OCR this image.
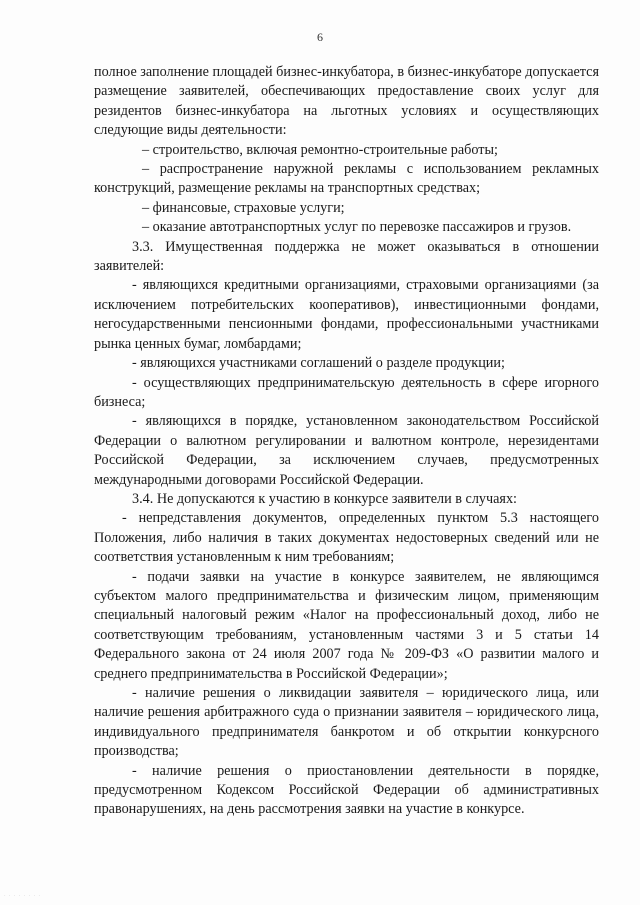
6

полное заполнение площадей бизнес-инкубатора, в бизнес-инкубаторе допускается размещение заявителей, обеспечивающих предоставление своих услуг для резидентов бизнес-инкубатора на льготных условиях и осуществляющих следующие виды деятельности:

– строительство, включая ремонтно-строительные работы;

– распространение наружной рекламы с использованием рекламных конструкций, размещение рекламы на транспортных средствах;

– финансовые, страховые услуги;

– оказание автотранспортных услуг по перевозке пассажиров и грузов.

3.3. Имущественная поддержка не может оказываться в отношении заявителей:

- являющихся кредитными организациями, страховыми организациями (за исключением потребительских кооперативов), инвестиционными фондами, негосударственными пенсионными фондами, профессиональными участниками рынка ценных бумаг, ломбардами;

- являющихся участниками соглашений о разделе продукции;

- осуществляющих предпринимательскую деятельность в сфере игорного бизнеса;

- являющихся в порядке, установленном законодательством Российской Федерации о валютном регулировании и валютном контроле, нерезидентами Российской Федерации, за исключением случаев, предусмотренных международными договорами Российской Федерации.

3.4. Не допускаются к участию в конкурсе заявители в случаях:

- непредставления документов, определенных пунктом 5.3 настоящего Положения, либо наличия в таких документах недостоверных сведений или не соответствия установленным к ним требованиям;

- подачи заявки на участие в конкурсе заявителем, не являющимся субъектом малого предпринимательства и физическим лицом, применяющим специальный налоговый режим «Налог на профессиональный доход, либо не соответствующим требованиям, установленным частями 3 и 5 статьи 14 Федерального закона от 24 июля 2007 года № 209-ФЗ «О развитии малого и среднего предпринимательства в Российской Федерации»;

- наличие решения о ликвидации заявителя – юридического лица, или наличие решения арбитражного суда о признании заявителя – юридического лица, индивидуального предпринимателя банкротом и об открытии конкурсного производства;

- наличие решения о приостановлении деятельности в порядке, предусмотренном Кодексом Российской Федерации об административных правонарушениях, на день рассмотрения заявки на участие в конкурсе.

· · · · · · · ·
